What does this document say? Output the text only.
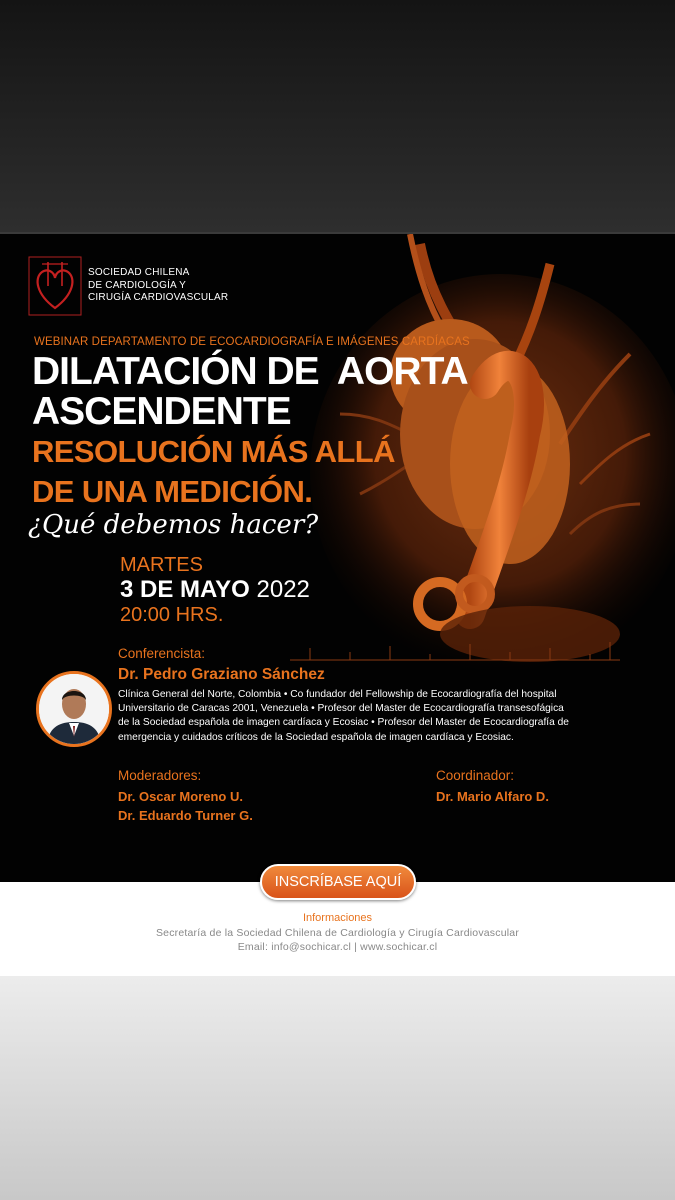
SOCIEDAD CHILENA
DE CARDIOLOGÍA Y
CIRUGÍA CARDIOVASCULAR
WEBINAR DEPARTAMENTO DE ECOCARDIOGRAFÍA E IMÁGENES CARDÍACAS
DILATACIÓN DE  AORTA
ASCENDENTE
RESOLUCIÓN MÁS ALLÁ
DE UNA MEDICIÓN.
¿Qué debemos hacer?
MARTES
3 DE MAYO 2022
20:00 HRS.
Conferencista:
Dr. Pedro Graziano Sánchez
Clínica General del Norte, Colombia • Co fundador del Fellowship de Ecocardiografía del hospital
Universitario de Caracas 2001, Venezuela • Profesor del Master de Ecocardiografía transesofágica
de la Sociedad española de imagen cardíaca y Ecosiac • Profesor del Master de Ecocardiografía de
emergencia y cuidados críticos de la Sociedad española de imagen cardíaca y Ecosiac.
Moderadores:
Dr. Oscar Moreno U.
Dr. Eduardo Turner G.
Coordinador:
Dr. Mario Alfaro D.
INSCRÍBASE AQUÍ
Informaciones
Secretaría de la Sociedad Chilena de Cardiología y Cirugía Cardiovascular
Email: info@sochicar.cl | www.sochicar.cl
